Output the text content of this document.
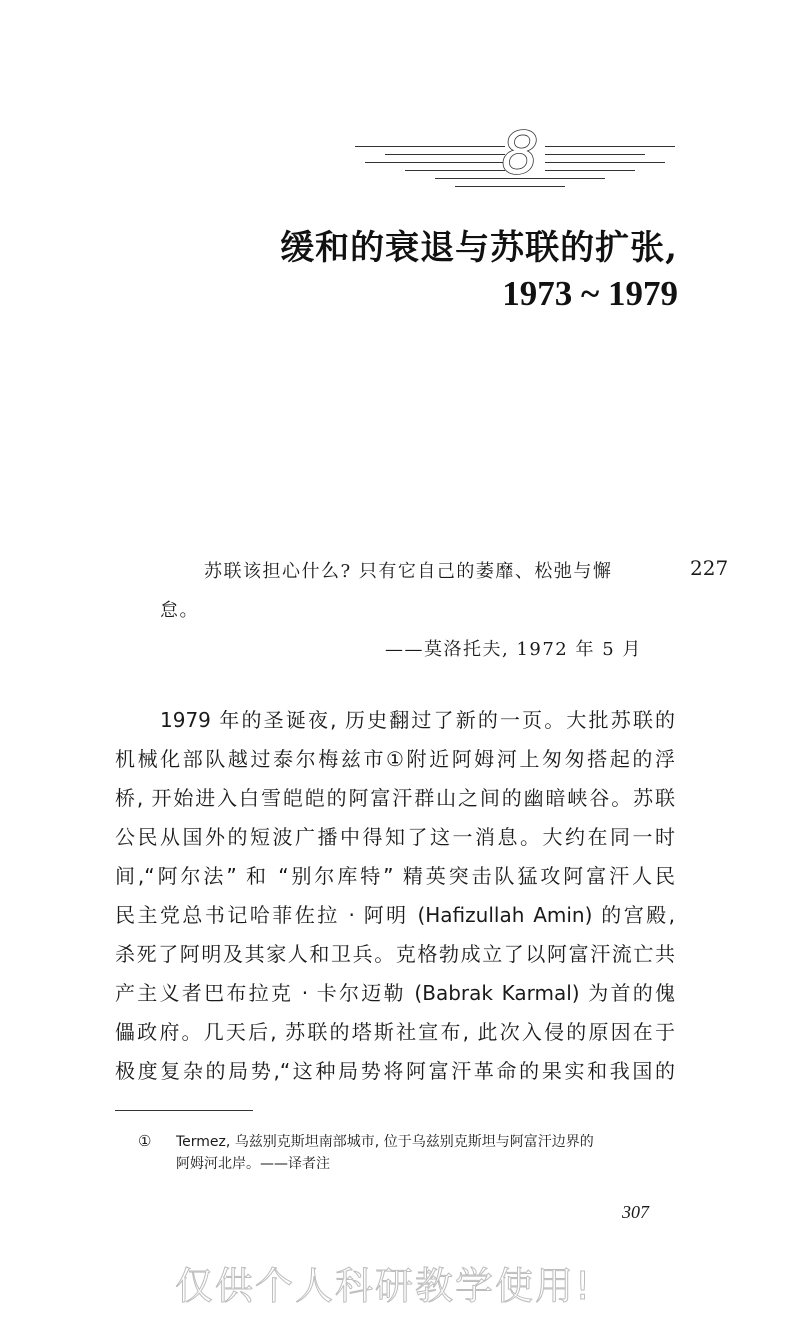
8
缓和的衰退与苏联的扩张,
1973 ~ 1979
227
苏联该担心什么? 只有它自己的萎靡、松弛与懈
怠。
——莫洛托夫, 1972 年 5 月
1979 年的圣诞夜, 历史翻过了新的一页。大批苏联的
机械化部队越过泰尔梅兹市①附近阿姆河上匆匆搭起的浮
桥, 开始进入白雪皑皑的阿富汗群山之间的幽暗峡谷。苏联
公民从国外的短波广播中得知了这一消息。大约在同一时
间,“阿尔法” 和 “别尔库特” 精英突击队猛攻阿富汗人民
民主党总书记哈菲佐拉 · 阿明 (Hafizullah Amin) 的宫殿,
杀死了阿明及其家人和卫兵。克格勃成立了以阿富汗流亡共
产主义者巴布拉克 · 卡尔迈勒 (Babrak Karmal) 为首的傀
儡政府。几天后, 苏联的塔斯社宣布, 此次入侵的原因在于
极度复杂的局势,“这种局势将阿富汗革命的果实和我国的
① Termez, 乌兹别克斯坦南部城市, 位于乌兹别克斯坦与阿富汗边界的
阿姆河北岸。——译者注
307
仅供个人科研教学使用!
